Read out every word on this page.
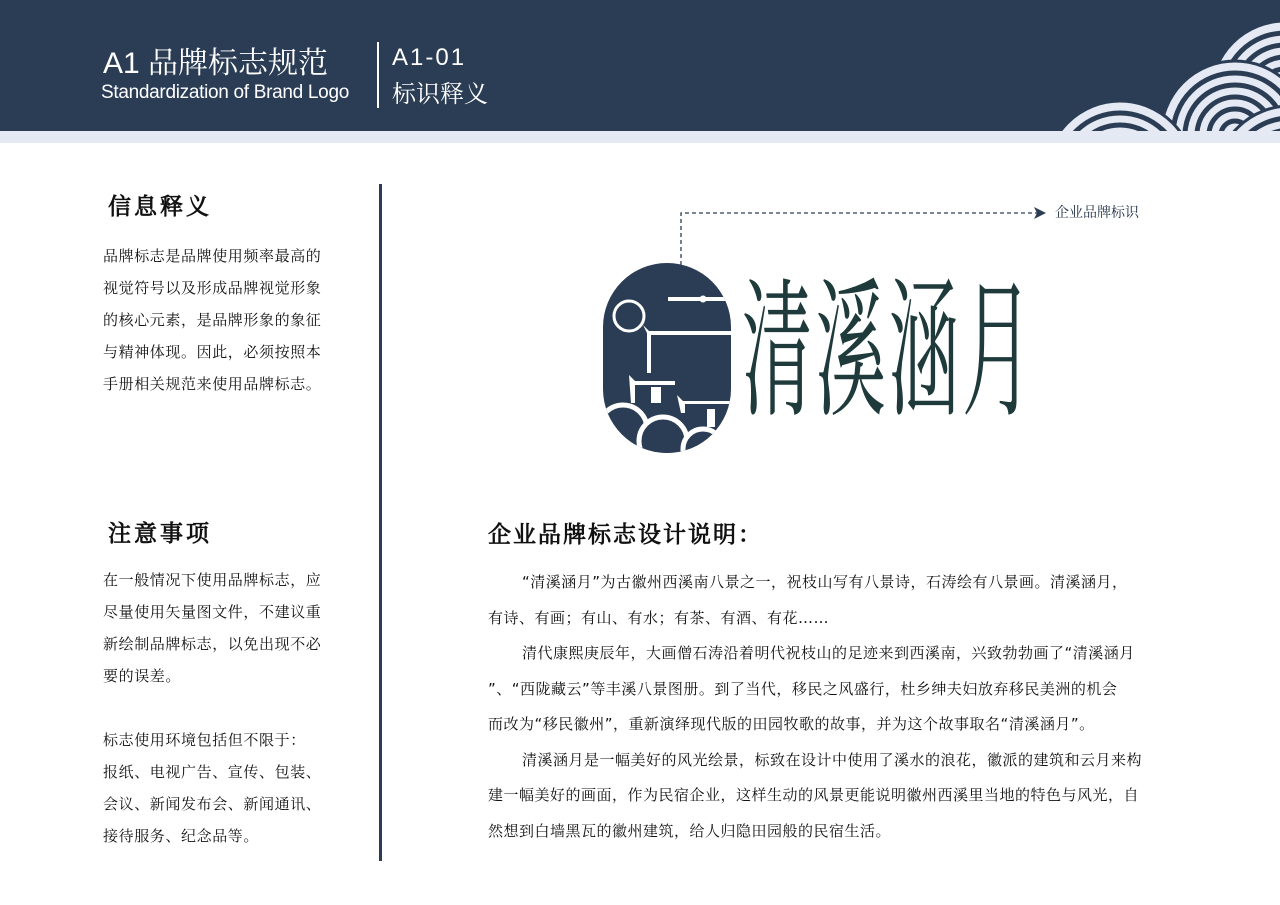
A1 品牌标志规范
Standardization of Brand Logo
A1-01
标识释义
信息释义
品牌标志是品牌使用频率最高的
视觉符号以及形成品牌视觉形象
的核心元素，是品牌形象的象征
与精神体现。因此，必须按照本
手册相关规范来使用品牌标志。
注意事项
在一般情况下使用品牌标志，应
尽量使用矢量图文件，不建议重
新绘制品牌标志，以免出现不必
要的误差。
标志使用环境包括但不限于：
报纸、电视广告、宣传、包装、
会议、新闻发布会、新闻通讯、
接待服务、纪念品等。
企业品牌标识
清溪涵月
企业品牌标志设计说明：
“清溪涵月”为古徽州西溪南八景之一，祝枝山写有八景诗，石涛绘有八景画。清溪涵月，
有诗、有画；有山、有水；有茶、有酒、有花……
清代康熙庚辰年，大画僧石涛沿着明代祝枝山的足迹来到西溪南，兴致勃勃画了“清溪涵月
”、“西陇藏云”等丰溪八景图册。到了当代，移民之风盛行，杜乡绅夫妇放弃移民美洲的机会
而改为“移民徽州”，重新演绎现代版的田园牧歌的故事，并为这个故事取名“清溪涵月”。
清溪涵月是一幅美好的风光绘景，标致在设计中使用了溪水的浪花，徽派的建筑和云月来构
建一幅美好的画面，作为民宿企业，这样生动的风景更能说明徽州西溪里当地的特色与风光，自
然想到白墙黑瓦的徽州建筑，给人归隐田园般的民宿生活。
